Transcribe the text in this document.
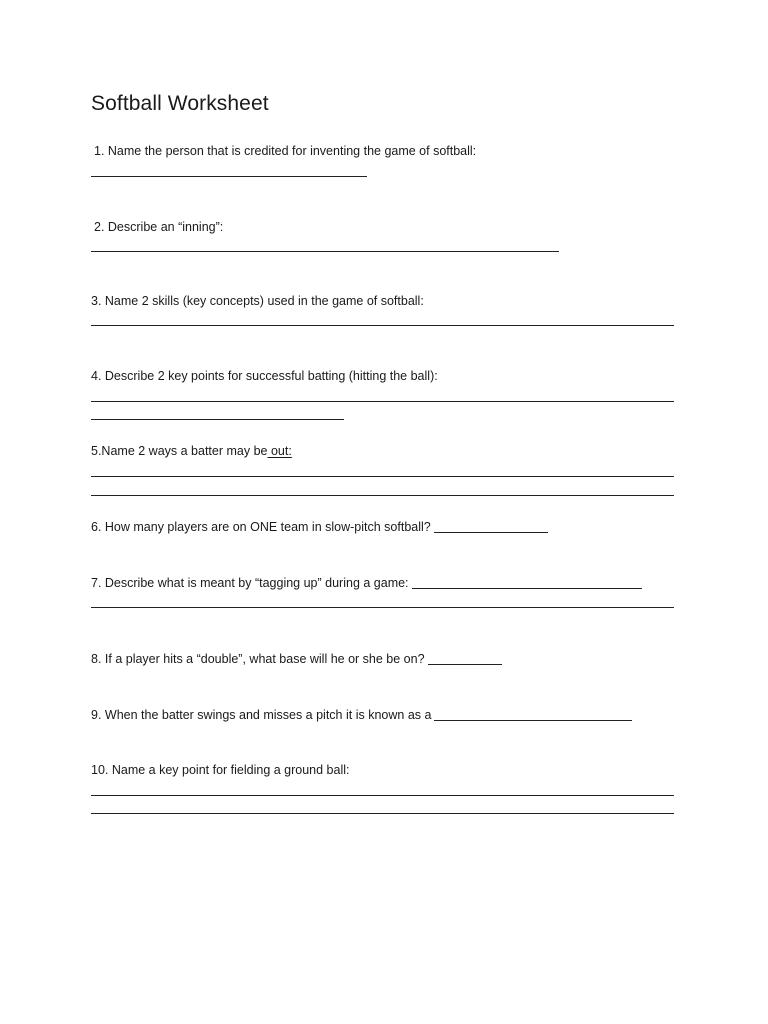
Softball Worksheet
1. Name the person that is credited for inventing the game of softball:
2. Describe an “inning”:
3. Name 2 skills (key concepts) used in the game of softball:
4. Describe 2 key points for successful batting (hitting the ball):
5.Name 2 ways a batter may be out:
6. How many players are on ONE team in slow-pitch softball?
7. Describe what is meant by “tagging up” during a game:
8. If a player hits a “double”, what base will he or she be on?
9. When the batter swings and misses a pitch it is known as a
10. Name a key point for fielding a ground ball:
